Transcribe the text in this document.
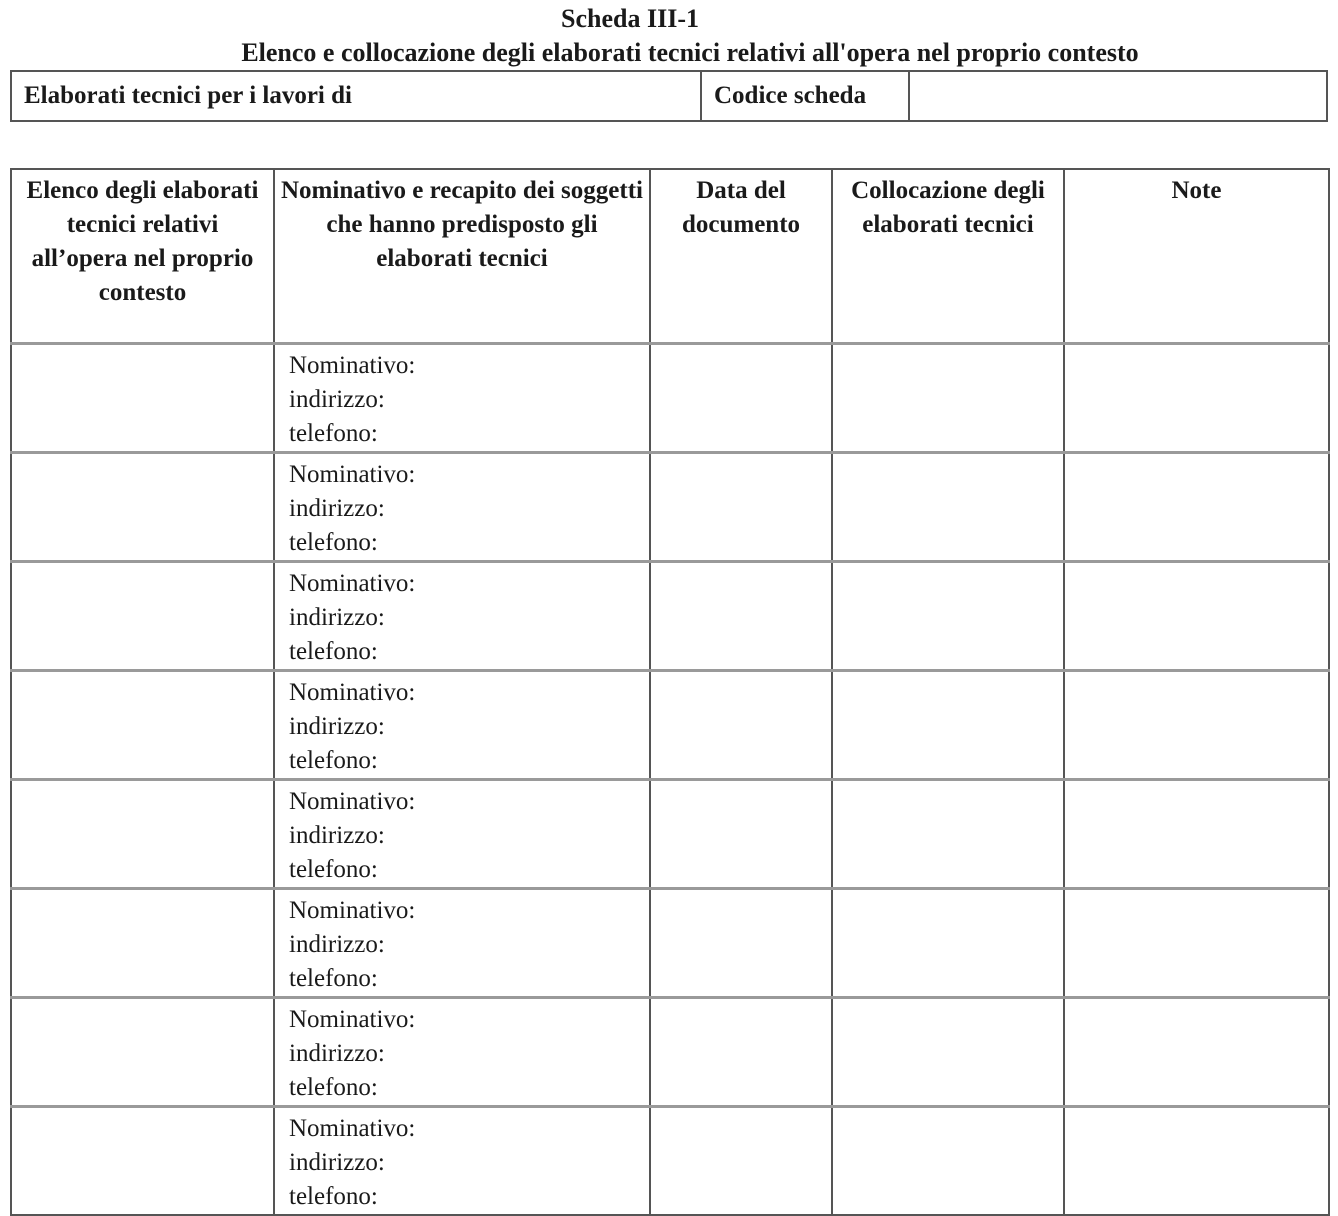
Scheda III-1
Elenco e collocazione degli elaborati tecnici relativi all'opera nel proprio contesto
Elaborati tecnici per i lavori di	Codice scheda	
Elenco degli elaborati tecnici relativi all’opera nel proprio contesto	Nominativo e recapito dei soggetti che hanno predisposto gli elaborati tecnici	Data del documento	Collocazione degli elaborati tecnici	Note

	Nominativo:
indirizzo:
telefono:			

	Nominativo:
indirizzo:
telefono:			

	Nominativo:
indirizzo:
telefono:			

	Nominativo:
indirizzo:
telefono:			

	Nominativo:
indirizzo:
telefono:			

	Nominativo:
indirizzo:
telefono:			

	Nominativo:
indirizzo:
telefono:			

	Nominativo:
indirizzo:
telefono:			
